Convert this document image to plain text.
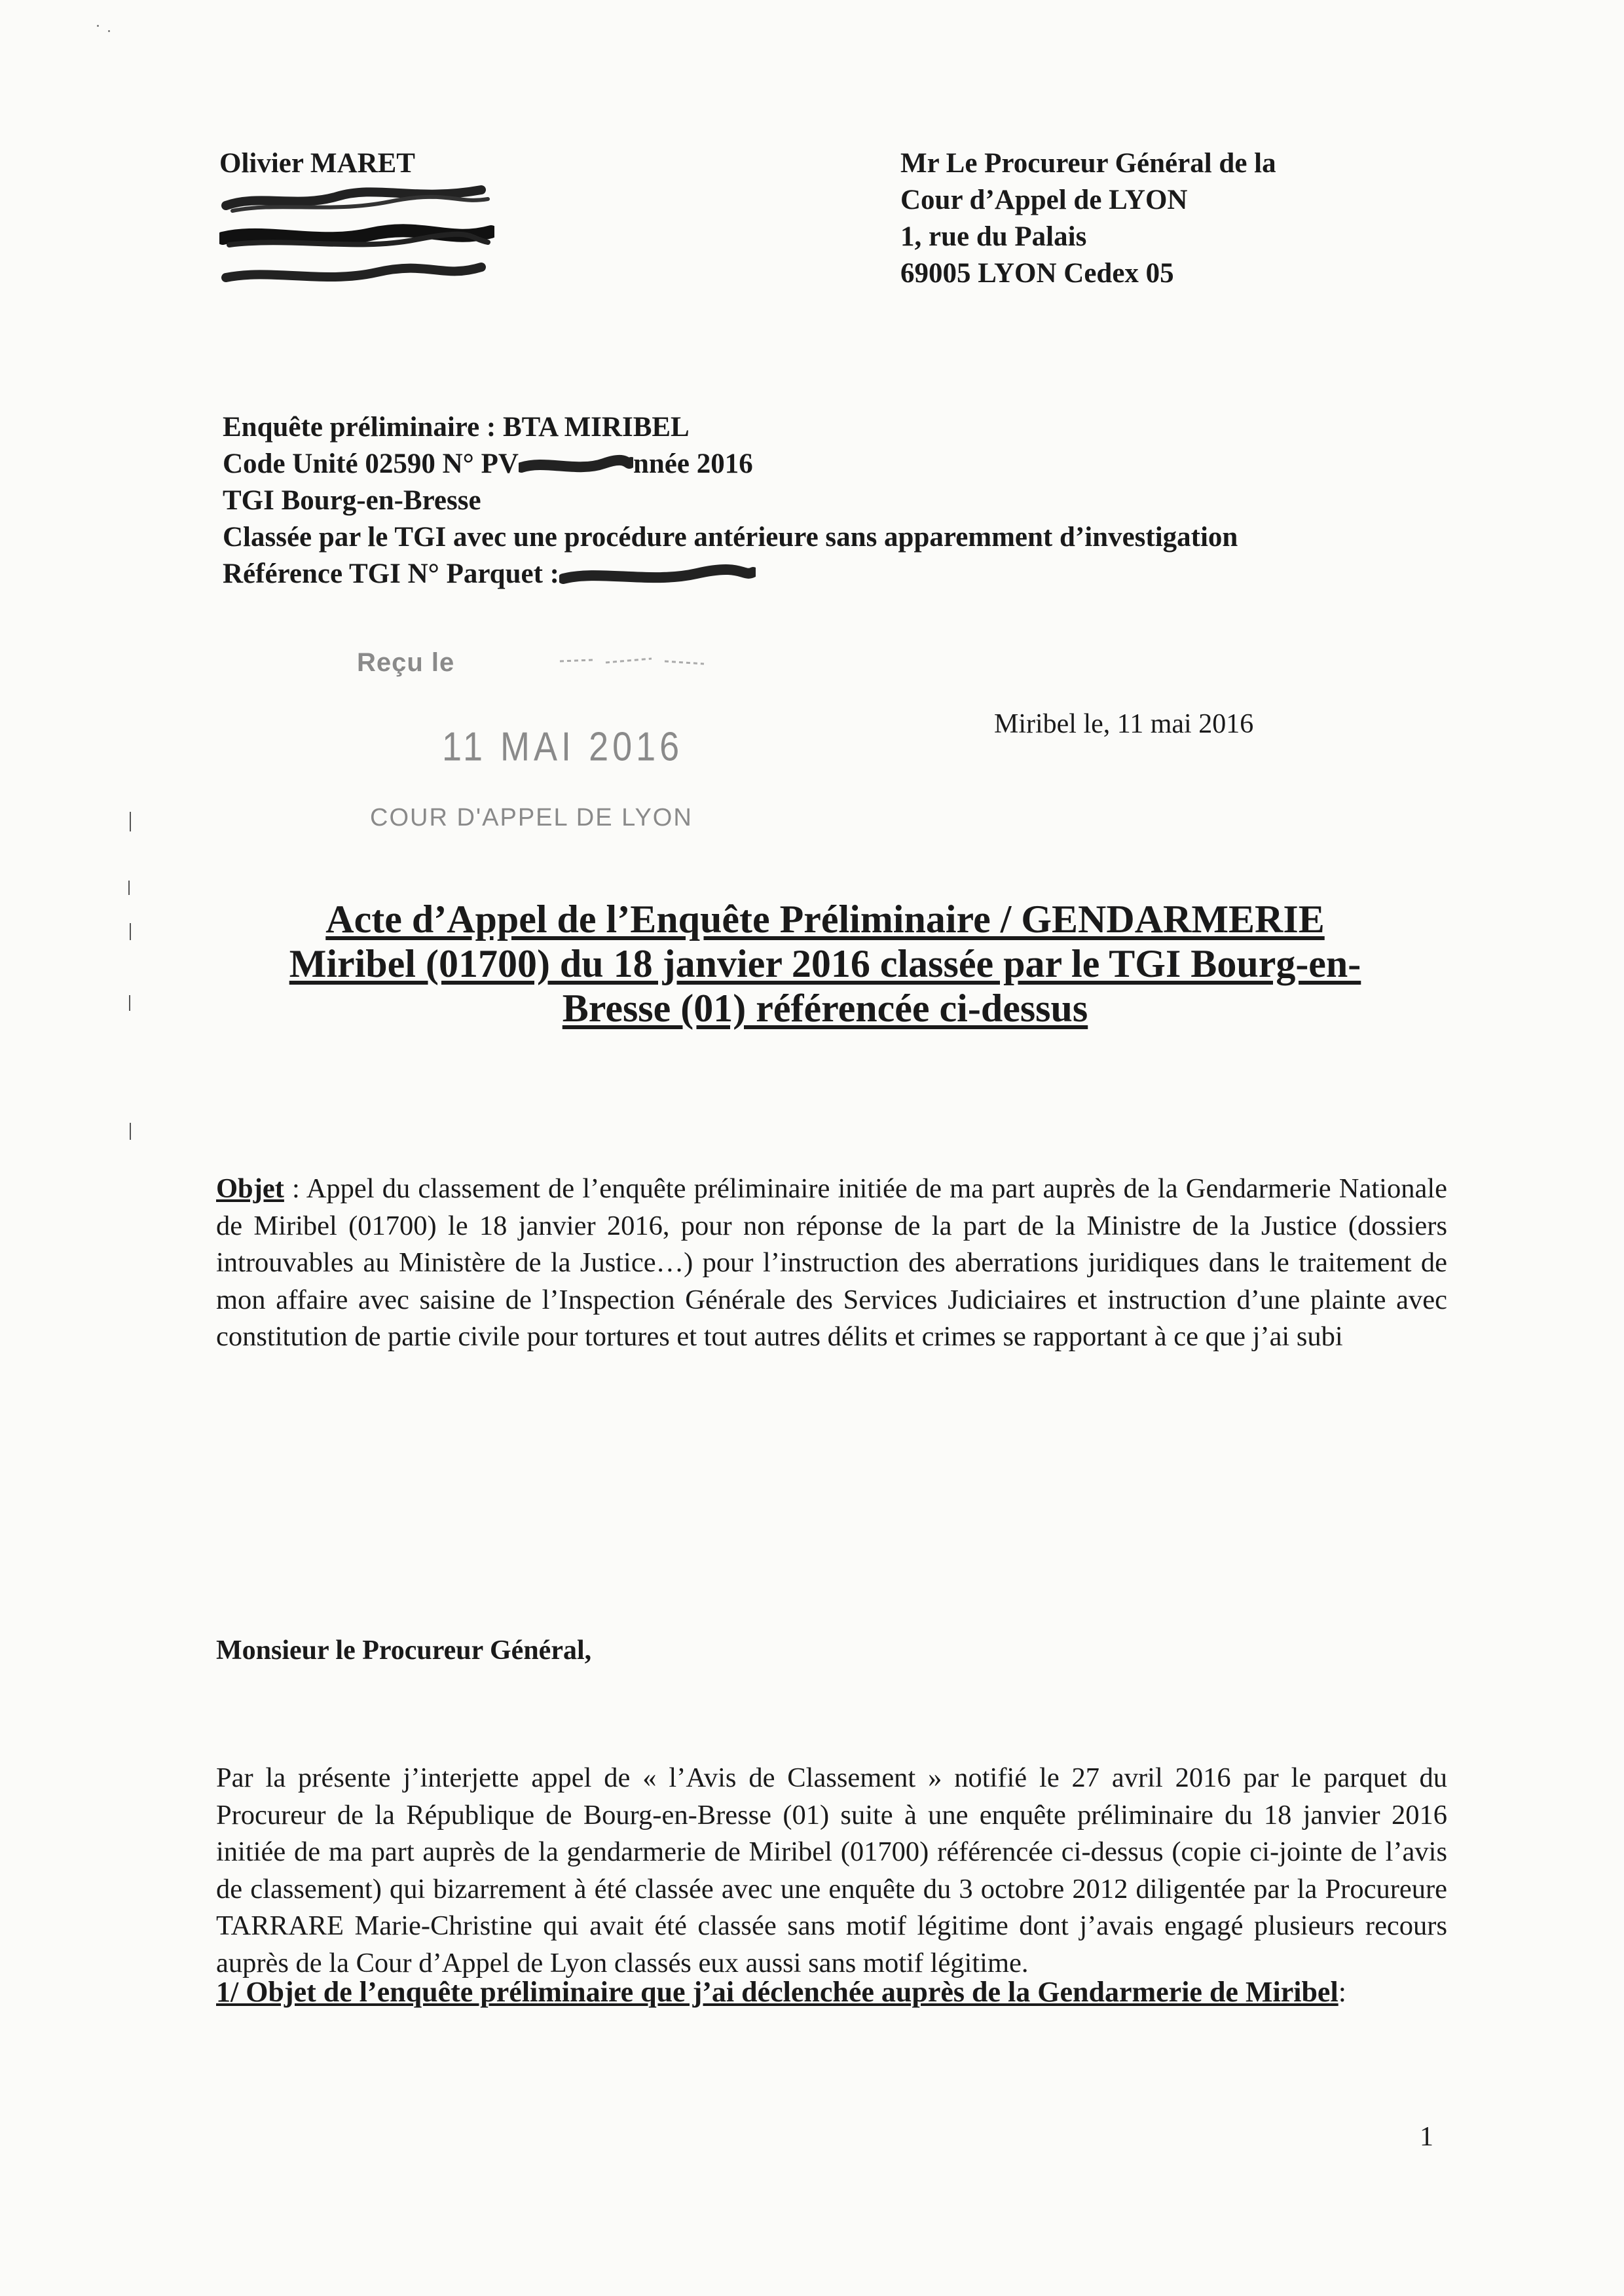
Olivier MARET	Mr Le Procureur Général de la
Cour d’Appel de LYON
1, rue du Palais
69005 LYON Cedex 05
Enquête préliminaire : BTA MIRIBEL
Code Unité 02590 N° PV	nnée 2016
TGI Bourg-en-Bresse
Classée par le TGI avec une procédure antérieure sans apparemment d’investigation
Référence TGI N° Parquet :
Reçu le
11 MAI 2016
COUR D'APPEL DE LYON
Miribel le, 11 mai 2016
Acte d’Appel de l’Enquête Préliminaire / GENDARMERIE
Miribel (01700) du 18 janvier 2016 classée par le TGI Bourg-en-
Bresse (01) référencée ci-dessus
Objet : Appel du classement de l’enquête préliminaire initiée de ma part auprès de la Gendarmerie Nationale de Miribel (01700) le 18 janvier 2016, pour non réponse de la part de la Ministre de la Justice (dossiers introuvables au Ministère de la Justice…) pour l’instruction des aberrations juridiques dans le traitement de mon affaire avec saisine de l’Inspection Générale des Services Judiciaires et instruction d’une plainte avec constitution de partie civile pour tortures et tout autres délits et crimes se rapportant à ce que j’ai subi
Monsieur le Procureur Général,
Par la présente j’interjette appel de « l’Avis de Classement » notifié le 27 avril 2016 par le parquet du Procureur de la République de Bourg-en-Bresse (01) suite à une enquête préliminaire du 18 janvier 2016 initiée de ma part auprès de la gendarmerie de Miribel (01700) référencée ci-dessus (copie ci-jointe de l’avis de classement) qui bizarrement à été classée avec une enquête du 3 octobre 2012 diligentée par la Procureure TARRARE Marie-Christine qui avait été classée sans motif légitime dont j’avais engagé plusieurs recours auprès de la Cour d’Appel de Lyon classés eux aussi sans motif légitime.
1/ Objet de l’enquête préliminaire que j’ai déclenchée auprès de la Gendarmerie de Miribel:
1
